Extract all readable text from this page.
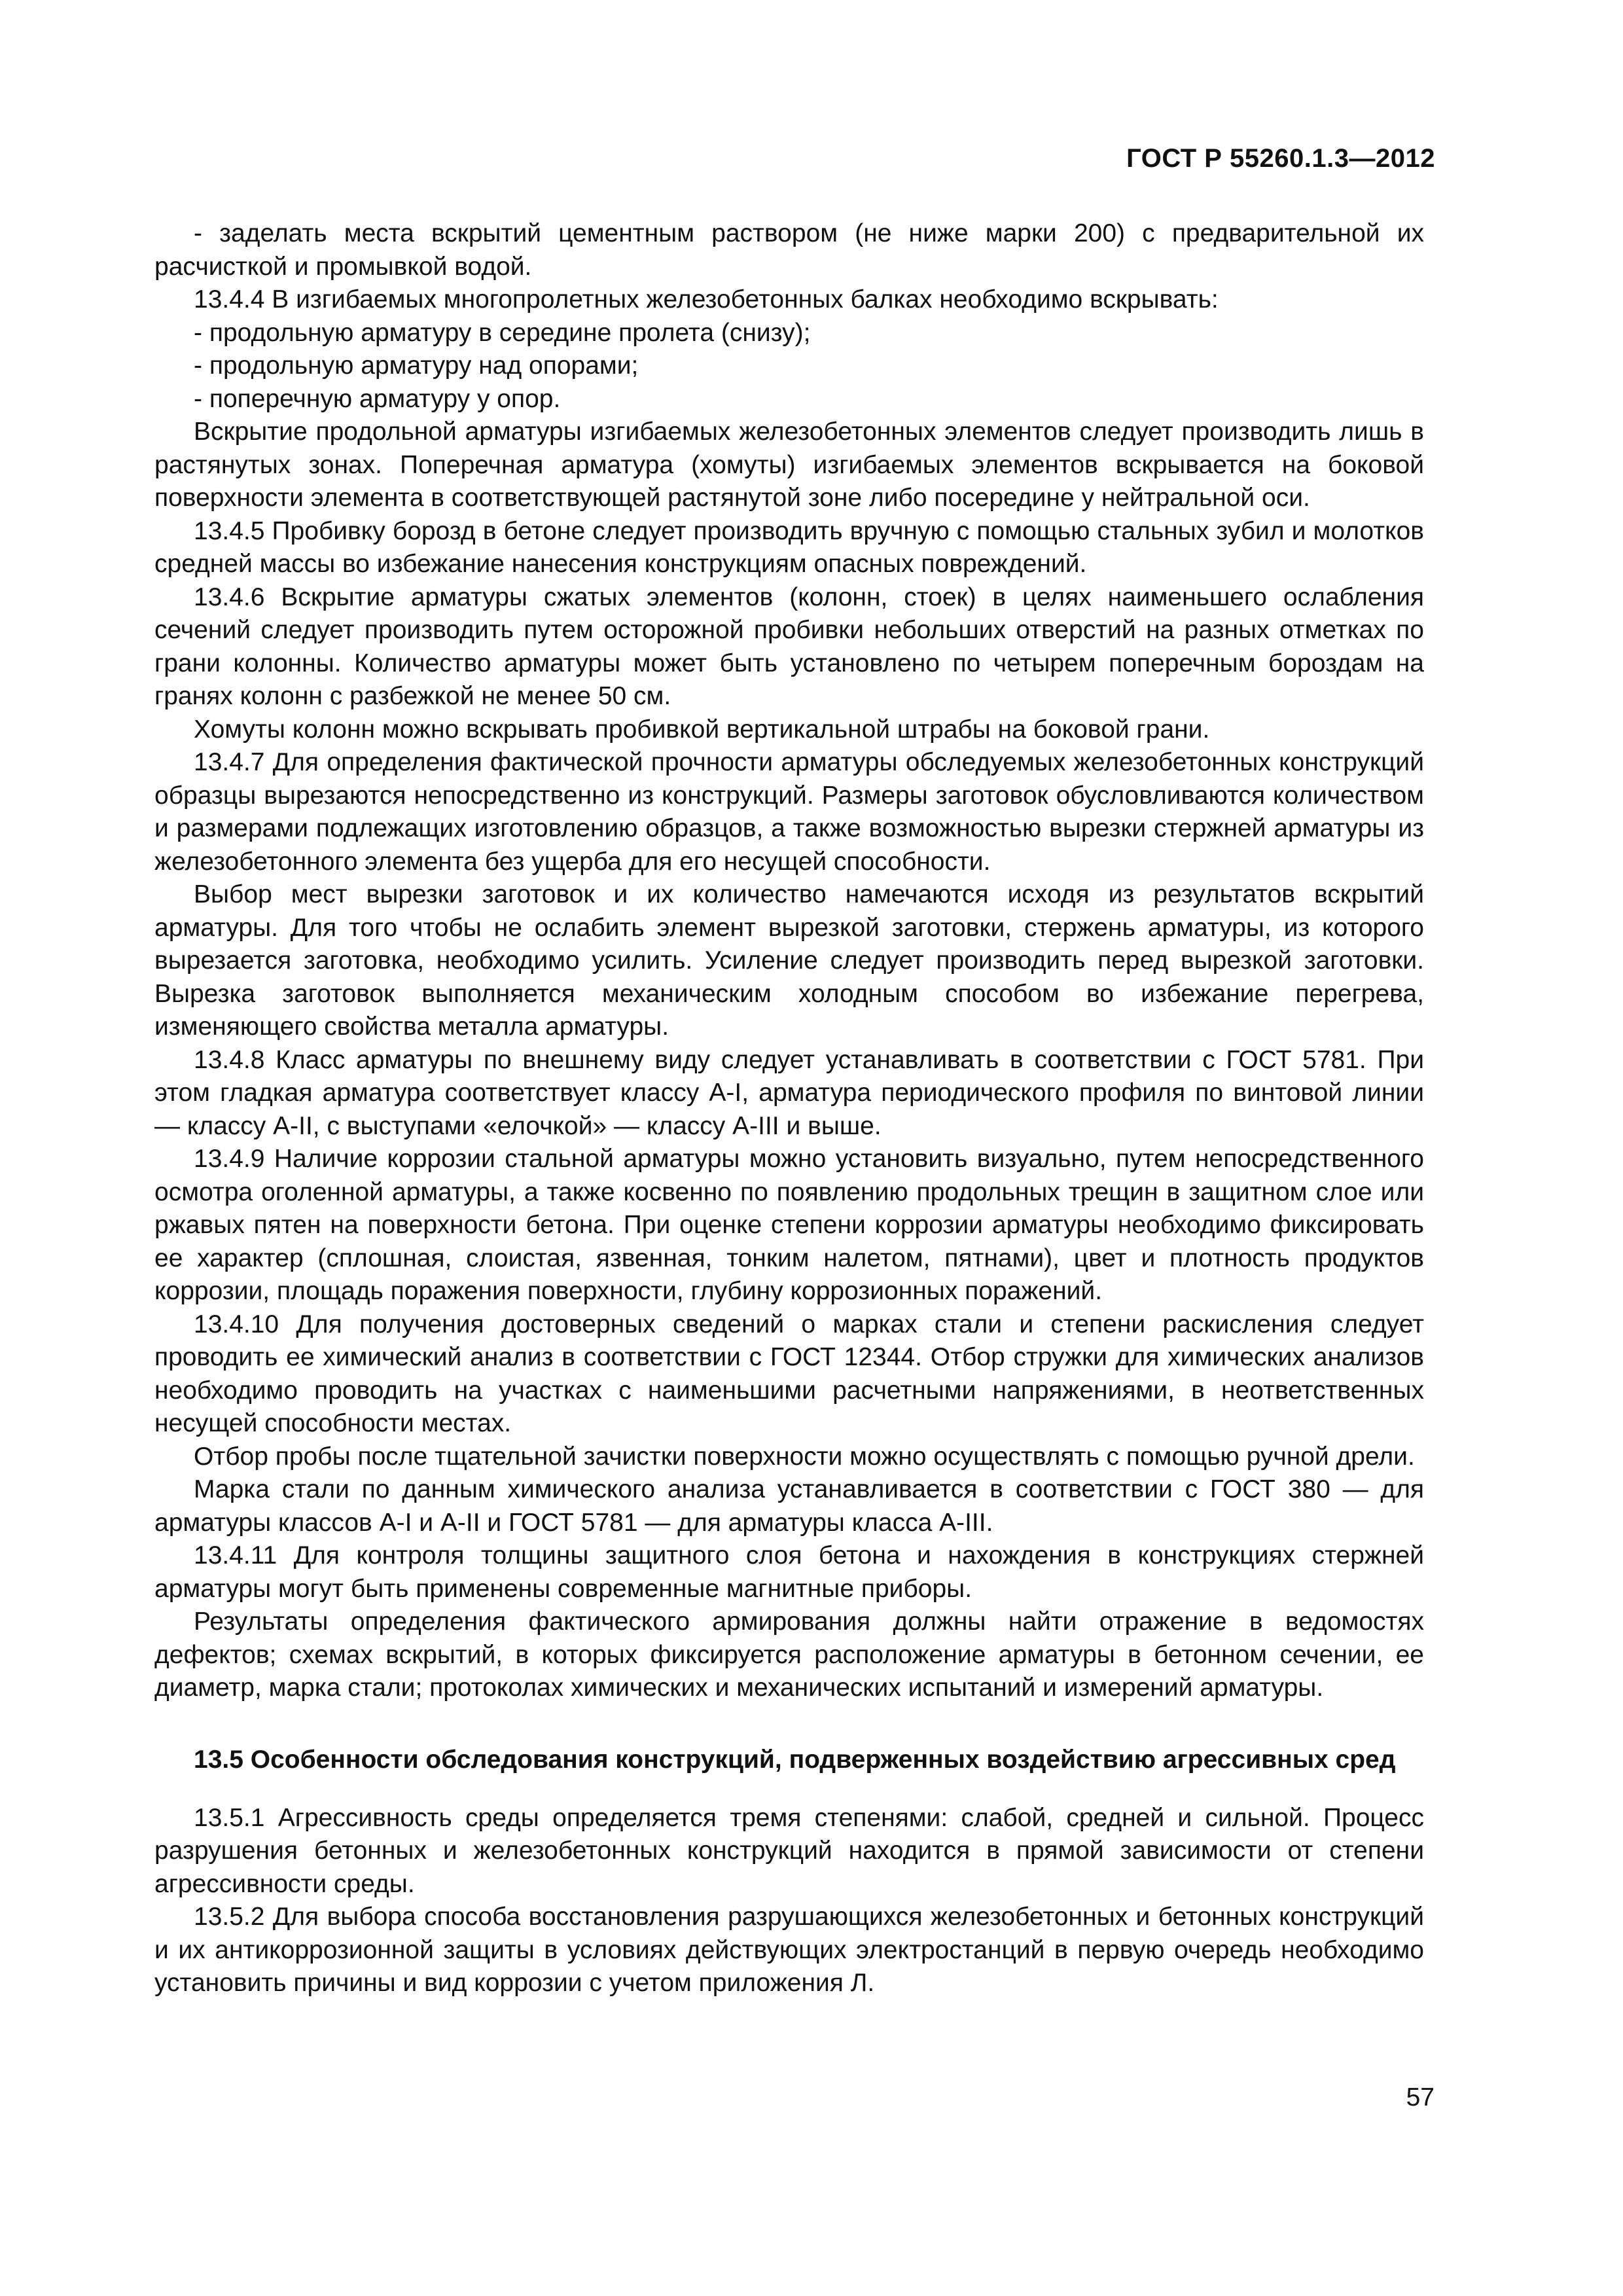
ГОСТ Р 55260.1.3—2012

- заделать места вскрытий цементным раствором (не ниже марки 200) с предварительной их расчисткой и промывкой водой.

13.4.4 В изгибаемых многопролетных железобетонных балках необходимо вскрывать:

- продольную арматуру в середине пролета (снизу);

- продольную арматуру над опорами;

- поперечную арматуру у опор.

Вскрытие продольной арматуры изгибаемых железобетонных элементов следует производить лишь в растянутых зонах. Поперечная арматура (хомуты) изгибаемых элементов вскрывается на боковой поверхности элемента в соответствующей растянутой зоне либо посередине у нейтральной оси.

13.4.5 Пробивку борозд в бетоне следует производить вручную с помощью стальных зубил и молотков средней массы во избежание нанесения конструкциям опасных повреждений.

13.4.6 Вскрытие арматуры сжатых элементов (колонн, стоек) в целях наименьшего ослабления сечений следует производить путем осторожной пробивки небольших отверстий на разных отметках по грани колонны. Количество арматуры может быть установлено по четырем поперечным бороздам на гранях колонн с разбежкой не менее 50 см.

Хомуты колонн можно вскрывать пробивкой вертикальной штрабы на боковой грани.

13.4.7 Для определения фактической прочности арматуры обследуемых железобетонных конструкций образцы вырезаются непосредственно из конструкций. Размеры заготовок обусловливаются количеством и размерами подлежащих изготовлению образцов, а также возможностью вырезки стержней арматуры из железобетонного элемента без ущерба для его несущей способности.

Выбор мест вырезки заготовок и их количество намечаются исходя из результатов вскрытий арматуры. Для того чтобы не ослабить элемент вырезкой заготовки, стержень арматуры, из которого вырезается заготовка, необходимо усилить. Усиление следует производить перед вырезкой заготовки. Вырезка заготовок выполняется механическим холодным способом во избежание перегрева, изменяющего свойства металла арматуры.

13.4.8 Класс арматуры по внешнему виду следует устанавливать в соответствии с ГОСТ 5781. При этом гладкая арматура соответствует классу А-I, арматура периодического профиля по винтовой линии — классу А-II, с выступами «елочкой» — классу А-III и выше.

13.4.9 Наличие коррозии стальной арматуры можно установить визуально, путем непосредственного осмотра оголенной арматуры, а также косвенно по появлению продольных трещин в защитном слое или ржавых пятен на поверхности бетона. При оценке степени коррозии арматуры необходимо фиксировать ее характер (сплошная, слоистая, язвенная, тонким налетом, пятнами), цвет и плотность продуктов коррозии, площадь поражения поверхности, глубину коррозионных поражений.

13.4.10 Для получения достоверных сведений о марках стали и степени раскисления следует проводить ее химический анализ в соответствии с ГОСТ 12344. Отбор стружки для химических анализов необходимо проводить на участках с наименьшими расчетными напряжениями, в неответственных несущей способности местах.

Отбор пробы после тщательной зачистки поверхности можно осуществлять с помощью ручной дрели.

Марка стали по данным химического анализа устанавливается в соответствии с ГОСТ 380 — для арматуры классов А-I и А-II и ГОСТ 5781 — для арматуры класса А-III.

13.4.11 Для контроля толщины защитного слоя бетона и нахождения в конструкциях стержней арматуры могут быть применены современные магнитные приборы.

Результаты определения фактического армирования должны найти отражение в ведомостях дефектов; схемах вскрытий, в которых фиксируется расположение арматуры в бетонном сечении, ее диаметр, марка стали; протоколах химических и механических испытаний и измерений арматуры.

13.5 Особенности обследования конструкций, подверженных воздействию агрессивных сред

13.5.1 Агрессивность среды определяется тремя степенями: слабой, средней и сильной. Процесс разрушения бетонных и железобетонных конструкций находится в прямой зависимости от степени агрессивности среды.

13.5.2 Для выбора способа восстановления разрушающихся железобетонных и бетонных конструкций и их антикоррозионной защиты в условиях действующих электростанций в первую очередь необходимо установить причины и вид коррозии с учетом приложения Л.

57
